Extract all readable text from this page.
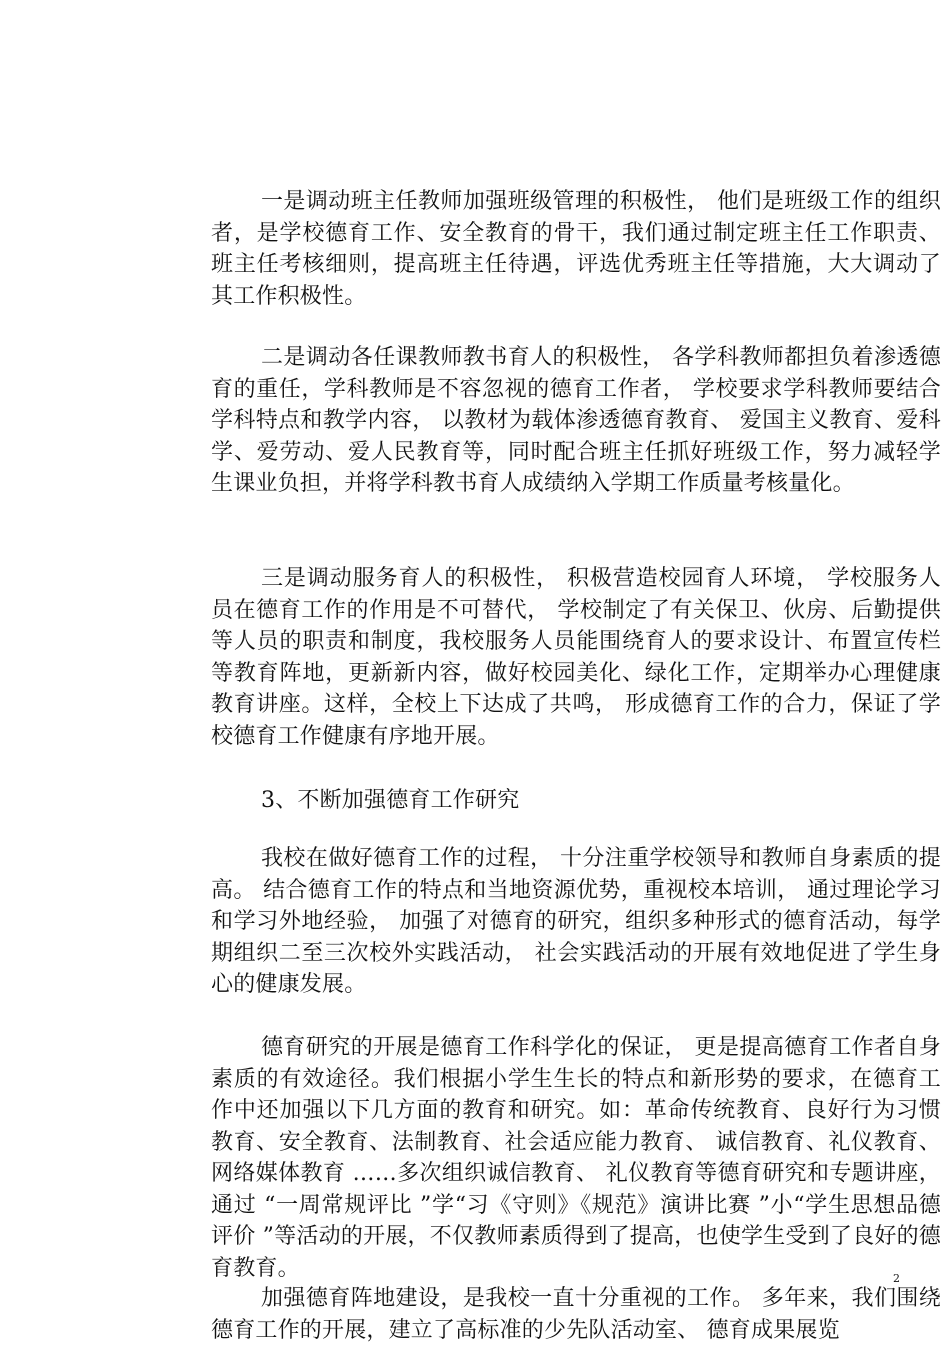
一是调动班主任教师加强班级管理的积极性， 他们是班级工作的组织者，是学校德育工作、安全教育的骨干，我们通过制定班主任工作职责、班主任考核细则，提高班主任待遇，评选优秀班主任等措施，大大调动了其工作积极性。

二是调动各任课教师教书育人的积极性， 各学科教师都担负着渗透德育的重任，学科教师是不容忽视的德育工作者， 学校要求学科教师要结合学科特点和教学内容， 以教材为载体渗透德育教育、 爱国主义教育、爱科学、爱劳动、爱人民教育等，同时配合班主任抓好班级工作，努力减轻学生课业负担，并将学科教书育人成绩纳入学期工作质量考核量化。

三是调动服务育人的积极性， 积极营造校园育人环境， 学校服务人员在德育工作的作用是不可替代， 学校制定了有关保卫、伙房、后勤提供等人员的职责和制度，我校服务人员能围绕育人的要求设计、布置宣传栏等教育阵地，更新新内容，做好校园美化、绿化工作，定期举办心理健康教育讲座。这样，全校上下达成了共鸣， 形成德育工作的合力，保证了学校德育工作健康有序地开展。

3、不断加强德育工作研究

我校在做好德育工作的过程， 十分注重学校领导和教师自身素质的提高。 结合德育工作的特点和当地资源优势，重视校本培训， 通过理论学习和学习外地经验， 加强了对德育的研究，组织多种形式的德育活动，每学期组织二至三次校外实践活动， 社会实践活动的开展有效地促进了学生身心的健康发展。

德育研究的开展是德育工作科学化的保证， 更是提高德育工作者自身素质的有效途径。我们根据小学生生长的特点和新形势的要求，在德育工作中还加强以下几方面的教育和研究。如：革命传统教育、良好行为习惯教育、安全教育、法制教育、社会适应能力教育、 诚信教育、礼仪教育、网络媒体教育 ……多次组织诚信教育、 礼仪教育等德育研究和专题讲座，通过 “一周常规评比 ”学“习《守则》《规范》演讲比赛 ”小“学生思想品德评价 ”等活动的开展，不仅教师素质得到了提高，也使学生受到了良好的德育教育。

加强德育阵地建设，是我校一直十分重视的工作。 多年来，我们围绕德育工作的开展，建立了高标准的少先队活动室、 德育成果展览

2
